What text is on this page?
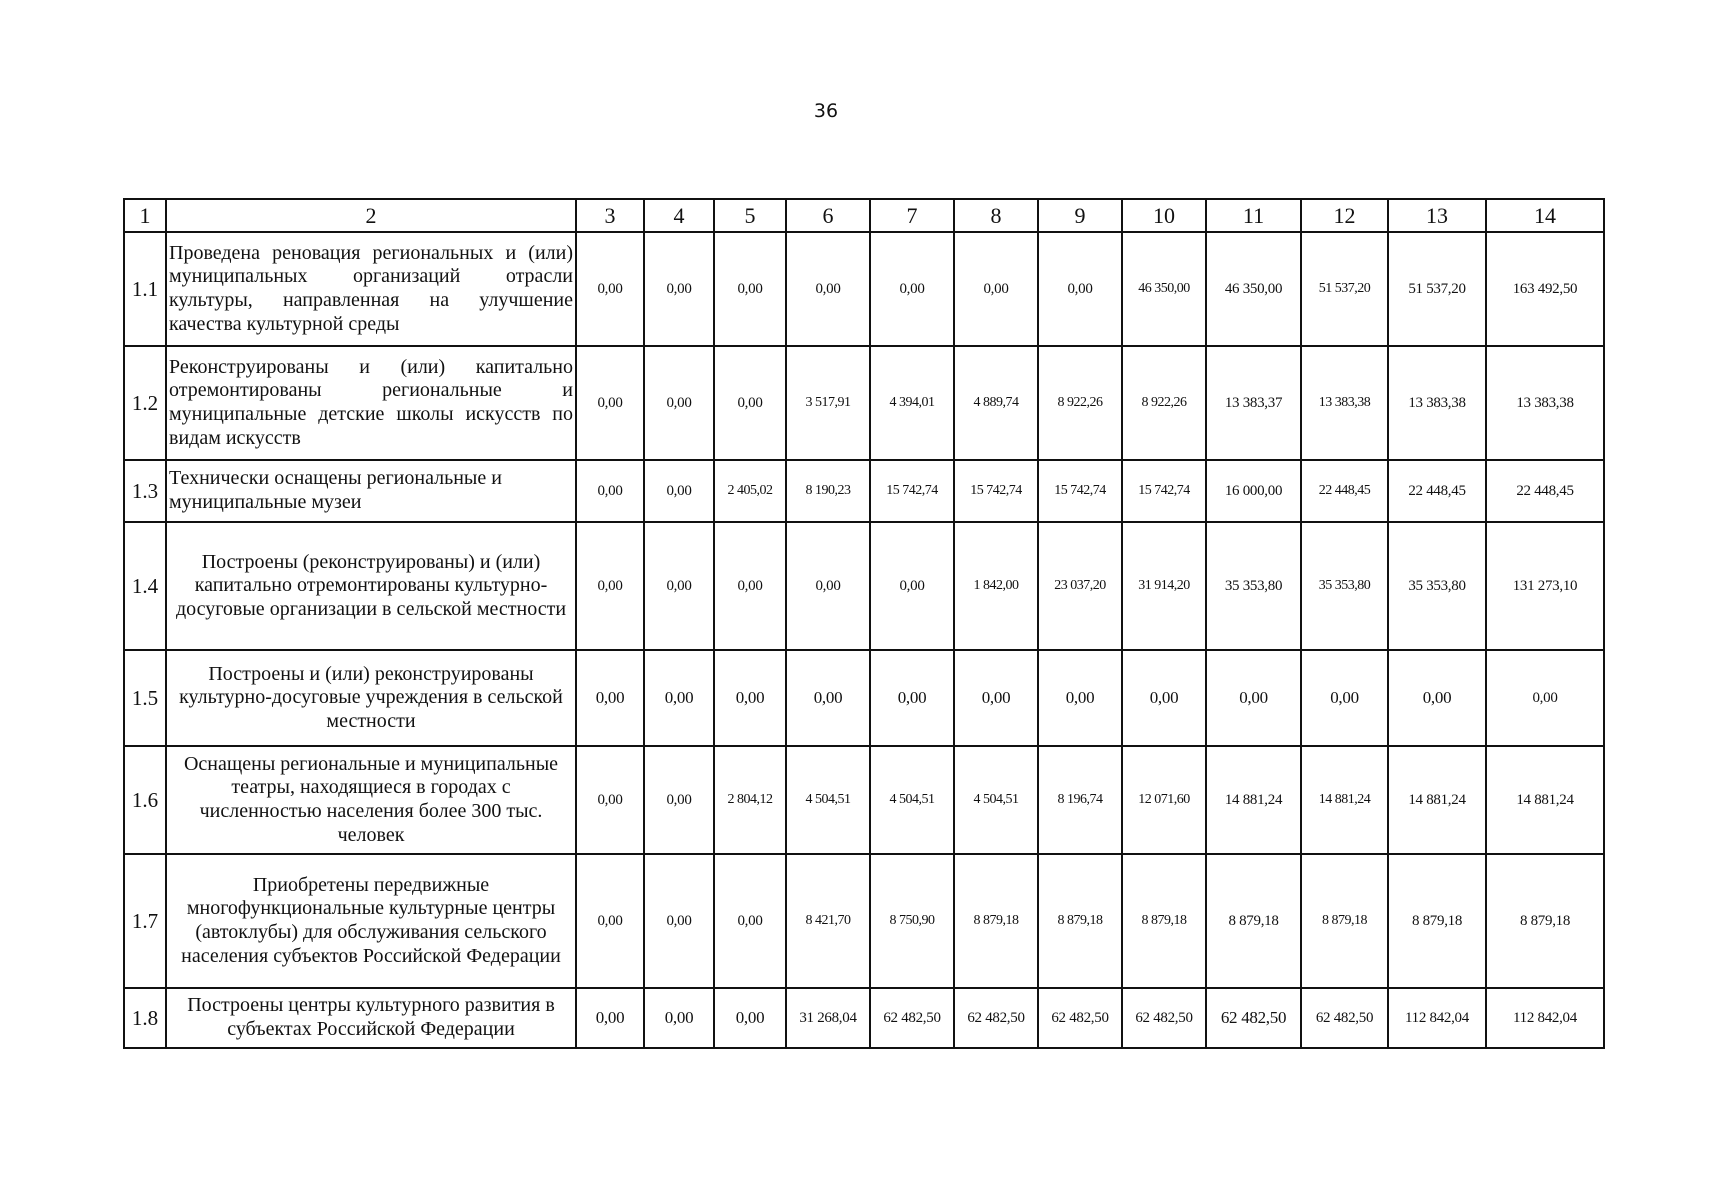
36
1	2	3	4	5	6	7	8	9	10	11	12	13	14
1.1	Проведена реновация региональных и (или) муниципальных организаций отрасли культуры, направленная на улучшение качества культурной среды	0,00	0,00	0,00	0,00	0,00	0,00	0,00	46 350,00	46 350,00	51 537,20	51 537,20	163 492,50
1.2	Реконструированы и (или) капитально отремонтированы региональные и муниципальные детские школы искусств по видам искусств	0,00	0,00	0,00	3 517,91	4 394,01	4 889,74	8 922,26	8 922,26	13 383,37	13 383,38	13 383,38	13 383,38
1.3	Технически оснащены региональные и муниципальные музеи	0,00	0,00	2 405,02	8 190,23	15 742,74	15 742,74	15 742,74	15 742,74	16 000,00	22 448,45	22 448,45	22 448,45
1.4	Построены (реконструированы) и (или) капитально отремонтированы культурно-досуговые организации в сельской местности	0,00	0,00	0,00	0,00	0,00	1 842,00	23 037,20	31 914,20	35 353,80	35 353,80	35 353,80	131 273,10
1.5	Построены и (или) реконструированы культурно-досуговые учреждения в сельской местности	0,00	0,00	0,00	0,00	0,00	0,00	0,00	0,00	0,00	0,00	0,00	0,00
1.6	Оснащены региональные и муниципальные театры, находящиеся в городах с численностью населения более 300 тыс. человек	0,00	0,00	2 804,12	4 504,51	4 504,51	4 504,51	8 196,74	12 071,60	14 881,24	14 881,24	14 881,24	14 881,24
1.7	Приобретены передвижные многофункциональные культурные центры (автоклубы) для обслуживания сельского населения субъектов Российской Федерации	0,00	0,00	0,00	8 421,70	8 750,90	8 879,18	8 879,18	8 879,18	8 879,18	8 879,18	8 879,18	8 879,18
1.8	Построены центры культурного развития в субъектах Российской Федерации	0,00	0,00	0,00	31 268,04	62 482,50	62 482,50	62 482,50	62 482,50	62 482,50	62 482,50	112 842,04	112 842,04
